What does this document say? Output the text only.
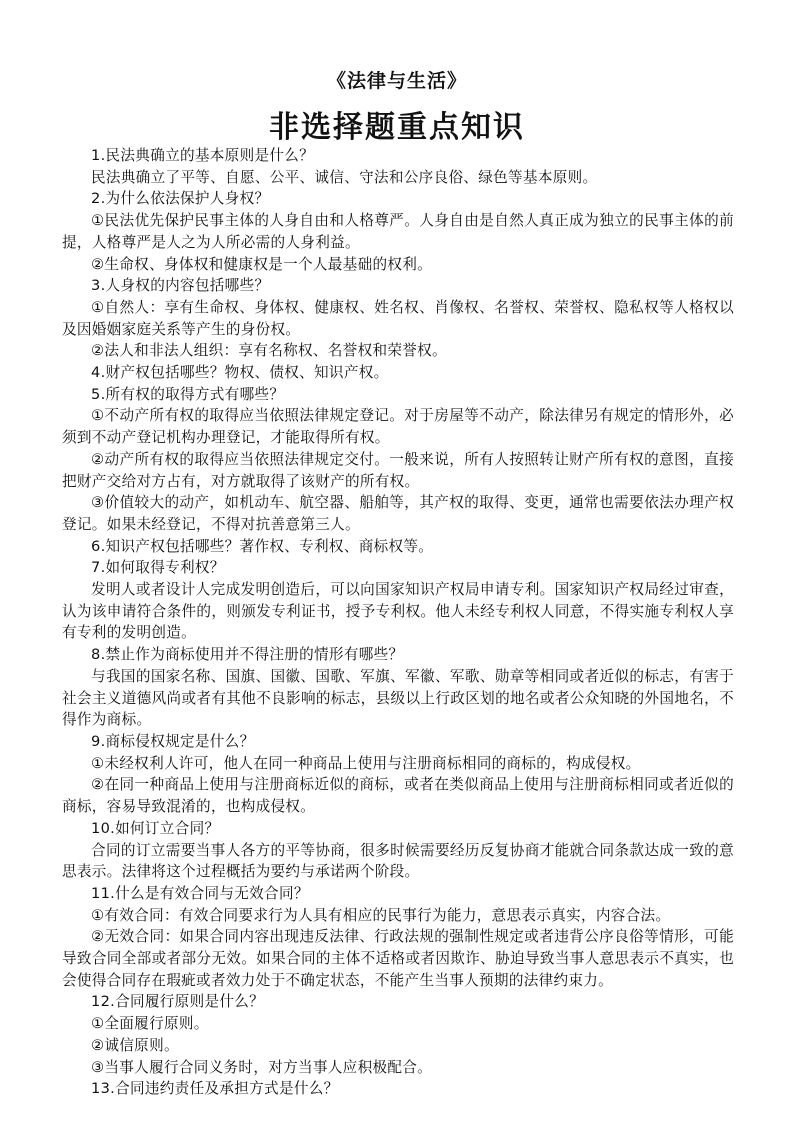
《法律与生活》
非选择题重点知识

1.民法典确立的基本原则是什么？

民法典确立了平等、自愿、公平、诚信、守法和公序良俗、绿色等基本原则。

2.为什么依法保护人身权？

①民法优先保护民事主体的人身自由和人格尊严。人身自由是自然人真正成为独立的民事主体的前提，人格尊严是人之为人所必需的人身利益。

②生命权、身体权和健康权是一个人最基础的权利。

3.人身权的内容包括哪些？

①自然人：享有生命权、身体权、健康权、姓名权、肖像权、名誉权、荣誉权、隐私权等人格权以及因婚姻家庭关系等产生的身份权。

②法人和非法人组织：享有名称权、名誉权和荣誉权。

4.财产权包括哪些？物权、债权、知识产权。

5.所有权的取得方式有哪些？

①不动产所有权的取得应当依照法律规定登记。对于房屋等不动产，除法律另有规定的情形外，必须到不动产登记机构办理登记，才能取得所有权。

②动产所有权的取得应当依照法律规定交付。一般来说，所有人按照转让财产所有权的意图，直接把财产交给对方占有，对方就取得了该财产的所有权。

③价值较大的动产，如机动车、航空器、船舶等，其产权的取得、变更，通常也需要依法办理产权登记。如果未经登记，不得对抗善意第三人。

6.知识产权包括哪些？著作权、专利权、商标权等。

7.如何取得专利权？

发明人或者设计人完成发明创造后，可以向国家知识产权局申请专利。国家知识产权局经过审查，认为该申请符合条件的，则颁发专利证书，授予专利权。他人未经专利权人同意，不得实施专利权人享有专利的发明创造。

8.禁止作为商标使用并不得注册的情形有哪些？

与我国的国家名称、国旗、国徽、国歌、军旗、军徽、军歌、勋章等相同或者近似的标志，有害于社会主义道德风尚或者有其他不良影响的标志，县级以上行政区划的地名或者公众知晓的外国地名，不得作为商标。

9.商标侵权规定是什么？

①未经权利人许可，他人在同一种商品上使用与注册商标相同的商标的，构成侵权。

②在同一种商品上使用与注册商标近似的商标，或者在类似商品上使用与注册商标相同或者近似的商标，容易导致混淆的，也构成侵权。

10.如何订立合同？

合同的订立需要当事人各方的平等协商，很多时候需要经历反复协商才能就合同条款达成一致的意思表示。法律将这个过程概括为要约与承诺两个阶段。

11.什么是有效合同与无效合同？

①有效合同：有效合同要求行为人具有相应的民事行为能力，意思表示真实，内容合法。

②无效合同：如果合同内容出现违反法律、行政法规的强制性规定或者违背公序良俗等情形，可能导致合同全部或者部分无效。如果合同的主体不适格或者因欺诈、胁迫导致当事人意思表示不真实，也会使得合同存在瑕疵或者效力处于不确定状态，不能产生当事人预期的法律约束力。

12.合同履行原则是什么？

①全面履行原则。

②诚信原则。

③当事人履行合同义务时，对方当事人应积极配合。

13.合同违约责任及承担方式是什么？
